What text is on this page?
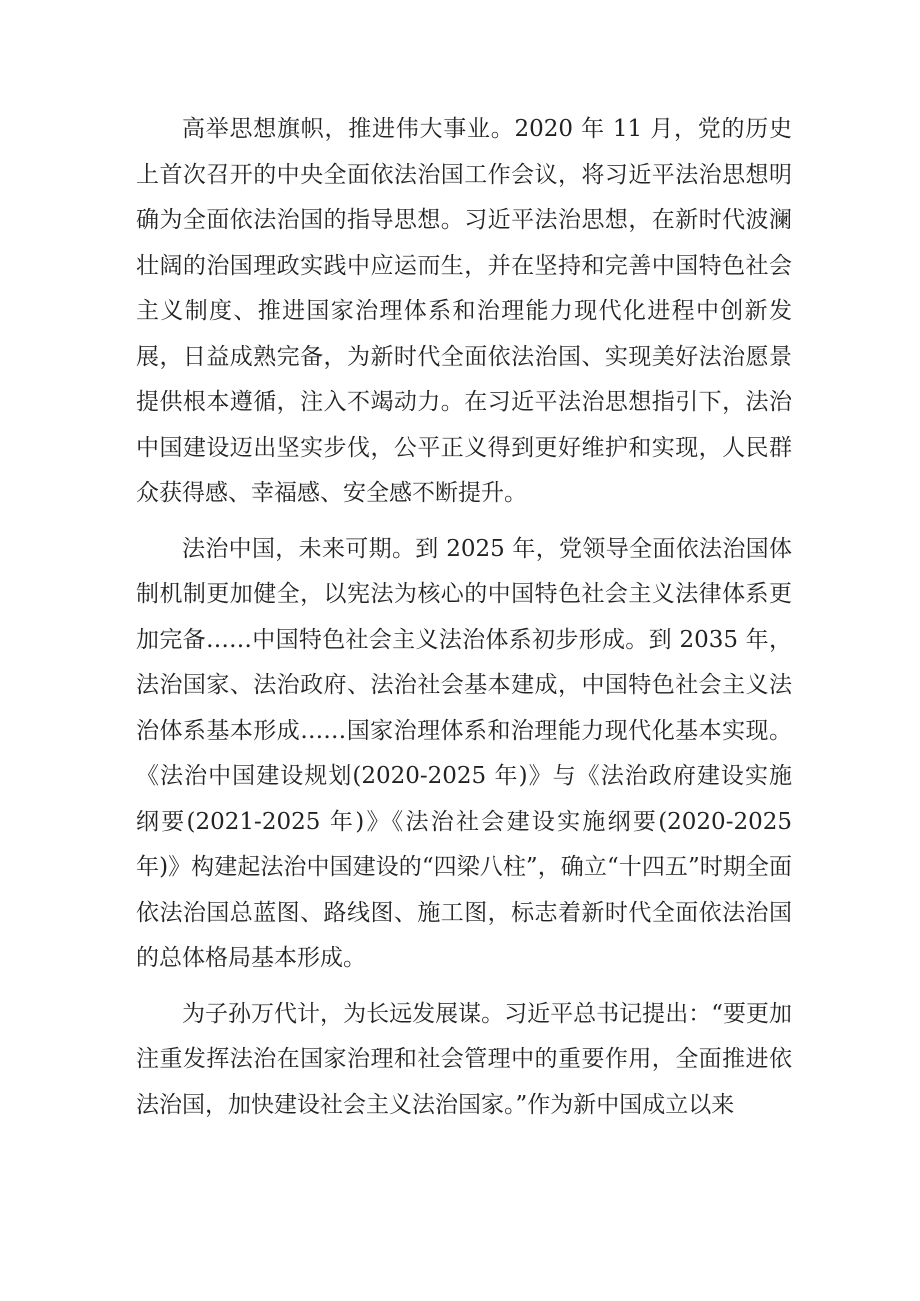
高举思想旗帜，推进伟大事业。2020 年 11 月，党的历史上首次召开的中央全面依法治国工作会议，将习近平法治思想明确为全面依法治国的指导思想。习近平法治思想，在新时代波澜壮阔的治国理政实践中应运而生，并在坚持和完善中国特色社会主义制度、推进国家治理体系和治理能力现代化进程中创新发展，日益成熟完备，为新时代全面依法治国、实现美好法治愿景提供根本遵循，注入不竭动力。在习近平法治思想指引下，法治中国建设迈出坚实步伐，公平正义得到更好维护和实现，人民群众获得感、幸福感、安全感不断提升。

法治中国，未来可期。到 2025 年，党领导全面依法治国体制机制更加健全，以宪法为核心的中国特色社会主义法律体系更加完备……中国特色社会主义法治体系初步形成。到 2035 年，法治国家、法治政府、法治社会基本建成，中国特色社会主义法治体系基本形成……国家治理体系和治理能力现代化基本实现。《法治中国建设规划(2020-2025 年)》与《法治政府建设实施纲要(2021-2025 年)》《法治社会建设实施纲要(2020-2025 年)》构建起法治中国建设的“四梁八柱”，确立“十四五”时期全面依法治国总蓝图、路线图、施工图，标志着新时代全面依法治国的总体格局基本形成。

为子孙万代计，为长远发展谋。习近平总书记提出：“要更加注重发挥法治在国家治理和社会管理中的重要作用，全面推进依法治国，加快建设社会主义法治国家。”作为新中国成立以来
